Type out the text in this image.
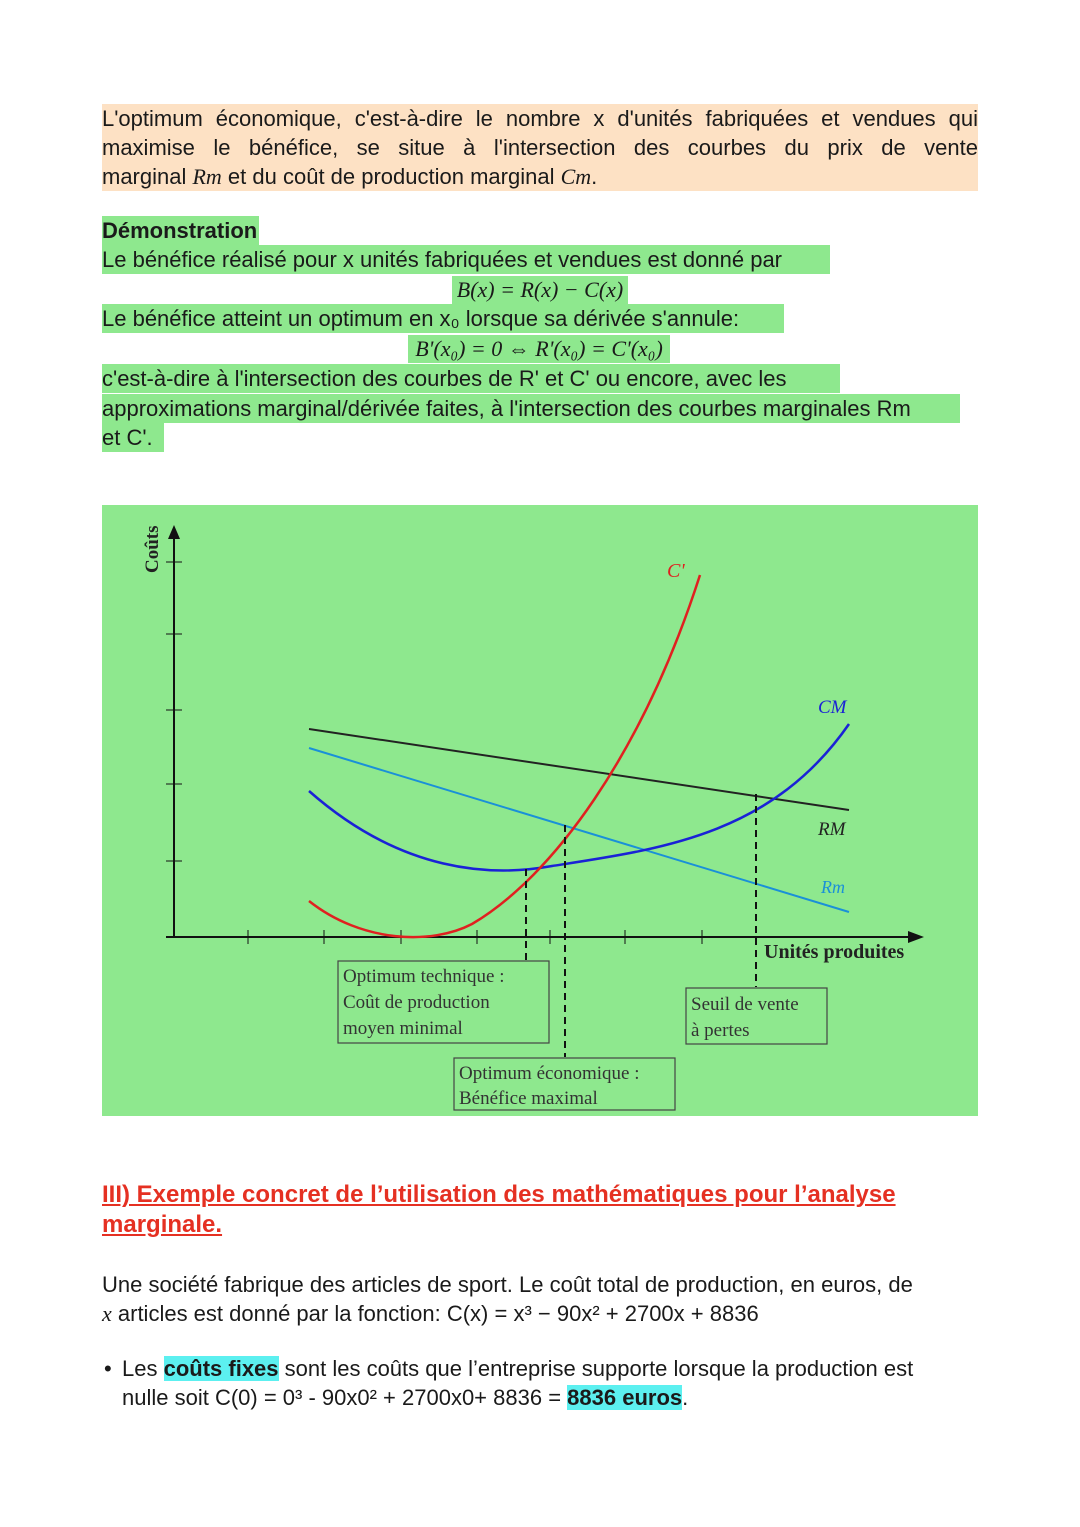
L'optimum économique, c'est-à-dire le nombre x d'unités fabriquées et vendues qui
maximise le bénéfice, se situe à l'intersection des courbes du prix de vente
marginal Rm et du coût de production marginal Cm.
Démonstration
Le bénéfice réalisé pour x unités fabriquées et vendues est donné par
B(x) = R(x) − C(x)
Le bénéfice atteint un optimum en x₀ lorsque sa dérivée s'annule:
B'(x₀) = 0 ⇔ R'(x₀) = C'(x₀)
c'est-à-dire à l'intersection des courbes de R' et C' ou encore, avec les
approximations marginal/dérivée faites, à l'intersection des courbes marginales Rm
et C'.
Coûts
Unités produites
C'
CM
RM
Rm
Optimum technique : Coût de production moyen minimal
Seuil de vente à pertes
Optimum économique : Bénéfice maximal
III) Exemple concret de l’utilisation des mathématiques pour l’analyse
marginale.
Une société fabrique des articles de sport. Le coût total de production, en euros, de
x articles est donné par la fonction: C(x) = x³ − 90x² + 2700x + 8836
• Les coûts fixes sont les coûts que l’entreprise supporte lorsque la production est
nulle soit C(0) = 0³ - 90x0² + 2700x0+ 8836 = 8836 euros.
